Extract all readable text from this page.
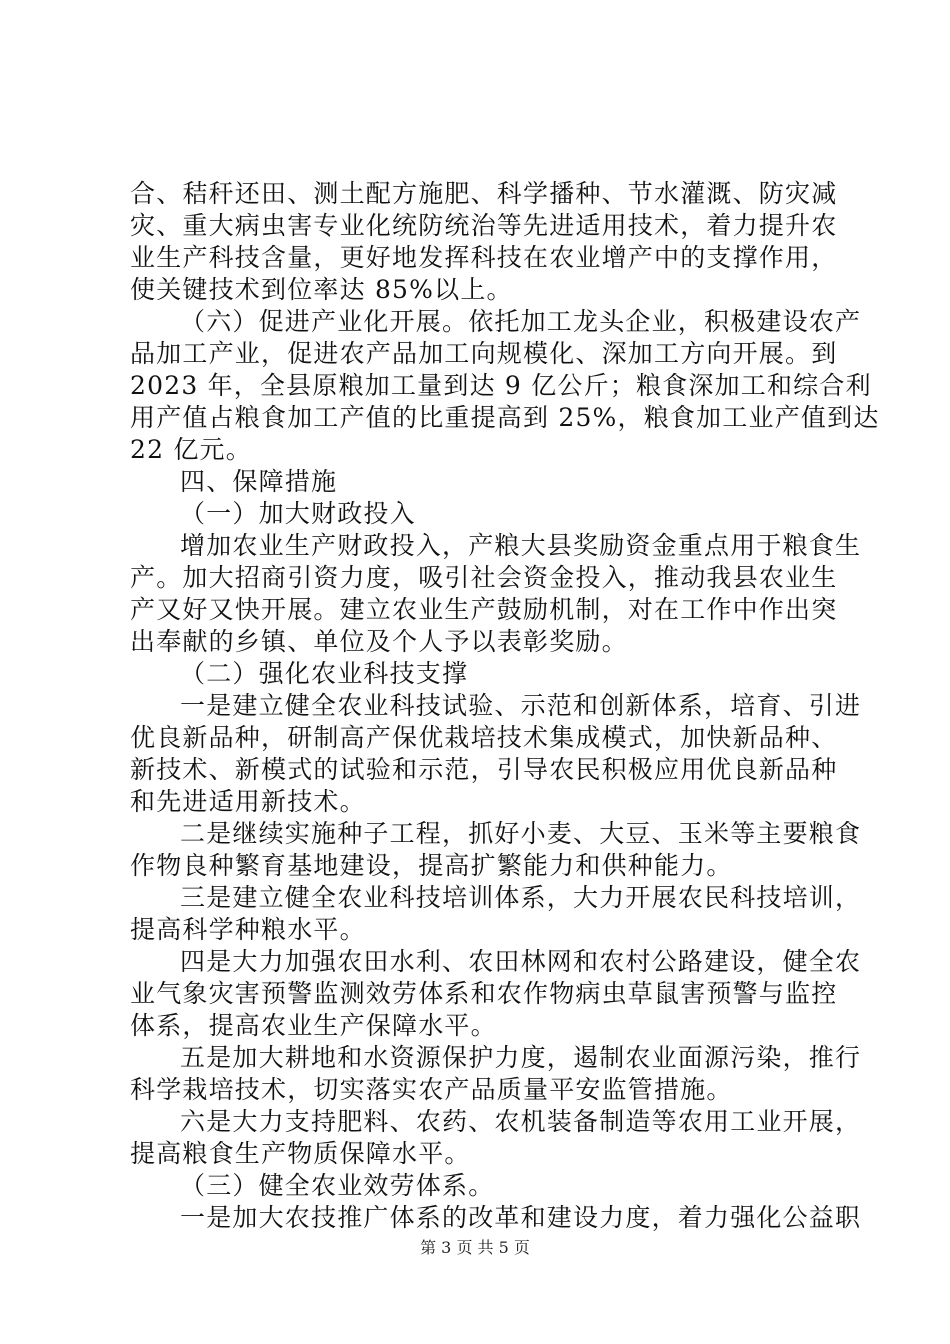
合、秸秆还田、测土配方施肥、科学播种、节水灌溉、防灾减
灾、重大病虫害专业化统防统治等先进适用技术，着力提升农
业生产科技含量，更好地发挥科技在农业增产中的支撑作用，
使关键技术到位率达 85%以上。
（六）促进产业化开展。依托加工龙头企业，积极建设农产
品加工产业，促进农产品加工向规模化、深加工方向开展。到
2023 年，全县原粮加工量到达 9 亿公斤；粮食深加工和综合利
用产值占粮食加工产值的比重提高到 25%，粮食加工业产值到达
22 亿元。
四、保障措施
（一）加大财政投入
增加农业生产财政投入，产粮大县奖励资金重点用于粮食生
产。加大招商引资力度，吸引社会资金投入，推动我县农业生
产又好又快开展。建立农业生产鼓励机制，对在工作中作出突
出奉献的乡镇、单位及个人予以表彰奖励。
（二）强化农业科技支撑
一是建立健全农业科技试验、示范和创新体系，培育、引进
优良新品种，研制高产保优栽培技术集成模式，加快新品种、
新技术、新模式的试验和示范，引导农民积极应用优良新品种
和先进适用新技术。
二是继续实施种子工程，抓好小麦、大豆、玉米等主要粮食
作物良种繁育基地建设，提高扩繁能力和供种能力。
三是建立健全农业科技培训体系，大力开展农民科技培训，
提高科学种粮水平。
四是大力加强农田水利、农田林网和农村公路建设，健全农
业气象灾害预警监测效劳体系和农作物病虫草鼠害预警与监控
体系，提高农业生产保障水平。
五是加大耕地和水资源保护力度，遏制农业面源污染，推行
科学栽培技术，切实落实农产品质量平安监管措施。
六是大力支持肥料、农药、农机装备制造等农用工业开展，
提高粮食生产物质保障水平。
（三）健全农业效劳体系。
一是加大农技推广体系的改革和建设力度，着力强化公益职
第 3 页 共 5 页
